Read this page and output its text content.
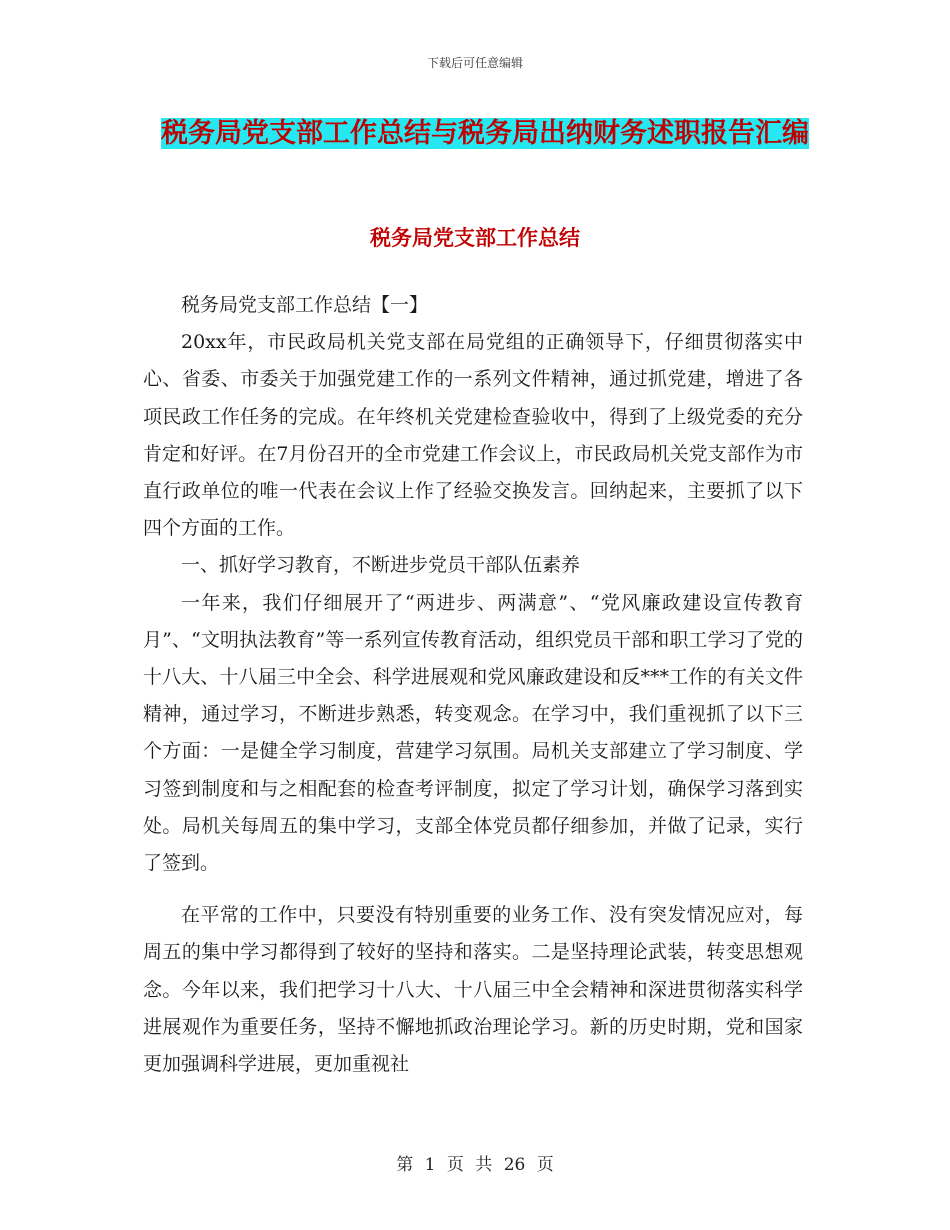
下载后可任意编辑
税务局党支部工作总结与税务局出纳财务述职报告汇编
税务局党支部工作总结

税务局党支部工作总结【一】

20xx年，市民政局机关党支部在局党组的正确领导下，仔细贯彻落实中心、省委、市委关于加强党建工作的一系列文件精神，通过抓党建，增进了各项民政工作任务的完成。在年终机关党建检查验收中，得到了上级党委的充分肯定和好评。在7月份召开的全市党建工作会议上，市民政局机关党支部作为市直行政单位的唯一代表在会议上作了经验交换发言。回纳起来，主要抓了以下四个方面的工作。

一、抓好学习教育，不断进步党员干部队伍素养

一年来，我们仔细展开了“两进步、两满意”、“党风廉政建设宣传教育月”、“文明执法教育”等一系列宣传教育活动，组织党员干部和职工学习了党的十八大、十八届三中全会、科学进展观和党风廉政建设和反***工作的有关文件精神，通过学习，不断进步熟悉，转变观念。在学习中，我们重视抓了以下三个方面：一是健全学习制度，营建学习氛围。局机关支部建立了学习制度、学习签到制度和与之相配套的检查考评制度，拟定了学习计划，确保学习落到实处。局机关每周五的集中学习，支部全体党员都仔细参加，并做了记录，实行了签到。

在平常的工作中，只要没有特别重要的业务工作、没有突发情况应对，每周五的集中学习都得到了较好的坚持和落实。二是坚持理论武装，转变思想观念。今年以来，我们把学习十八大、十八届三中全会精神和深进贯彻落实科学进展观作为重要任务，坚持不懈地抓政治理论学习。新的历史时期，党和国家更加强调科学进展，更加重视社

第 1 页 共 26 页
